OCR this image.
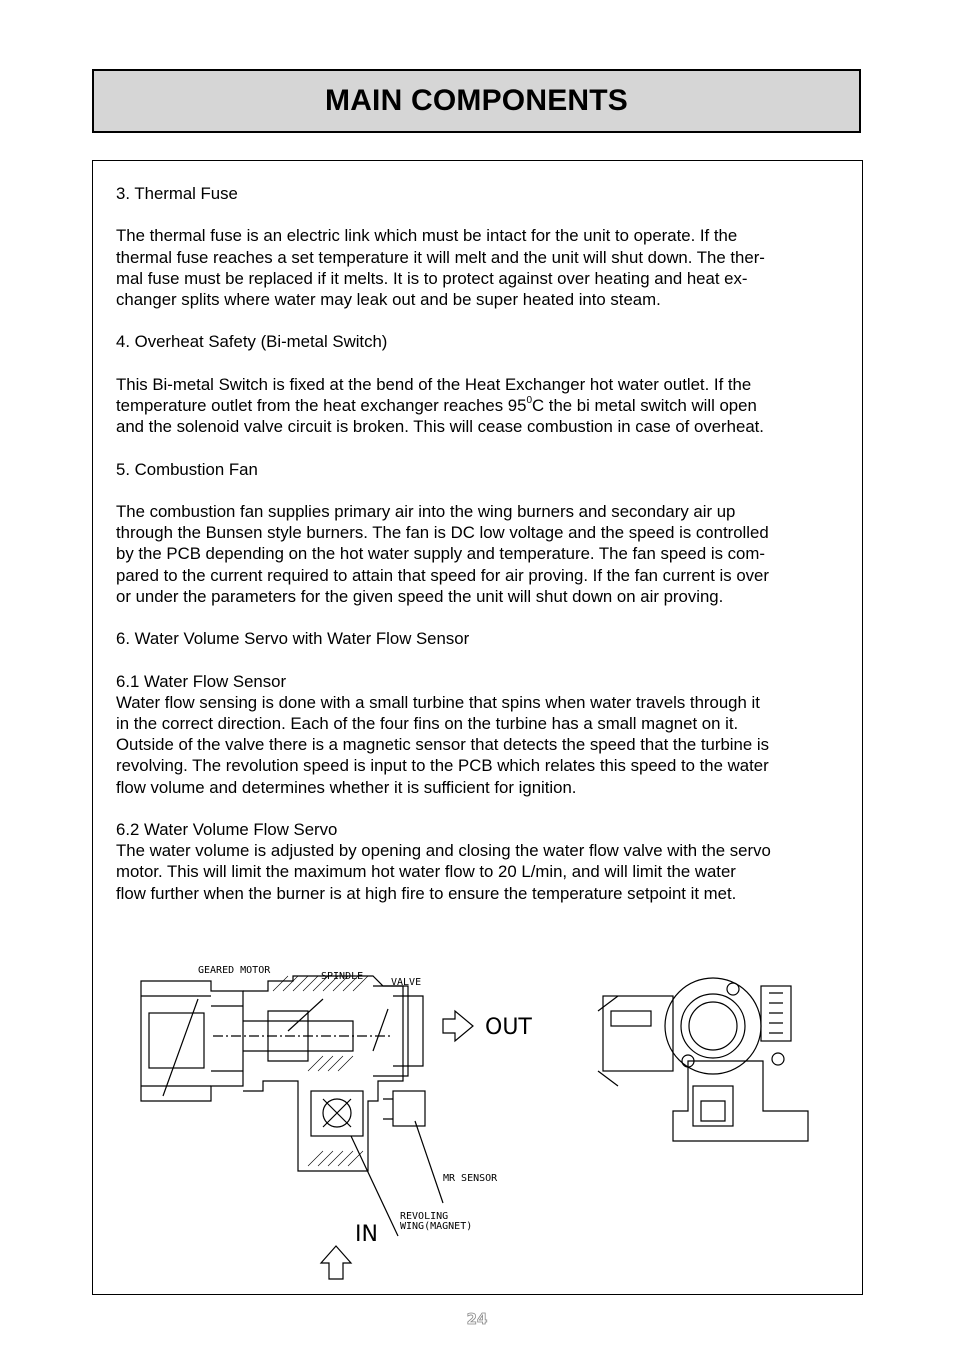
MAIN COMPONENTS

3. Thermal Fuse

The thermal fuse is an electric link which must be intact for the unit to operate. If the

thermal fuse reaches a set temperature it will melt and the unit will shut down. The ther-

mal fuse must be replaced if it melts. It is to protect against over heating and heat ex-

changer splits where water may leak out and be super heated into steam.

4. Overheat Safety (Bi-metal Switch)

This Bi-metal Switch is fixed at the bend of the Heat Exchanger hot water outlet. If the

temperature outlet from the heat exchanger reaches $95^0C$ the bi metal switch will open

and the solenoid valve circuit is broken. This will cease combustion in case of overheat.

5. Combustion Fan

The combustion fan supplies primary air into the wing burners and secondary air up

through the Bunsen style burners. The fan is DC low voltage and the speed is controlled

by the PCB depending on the hot water supply and temperature. The fan speed is com-

pared to the current required to attain that speed for air proving. If the fan current is over

or under the parameters for the given speed the unit will shut down on air proving.

6. Water Volume Servo with Water Flow Sensor

6.1 Water Flow Sensor

Water flow sensing is done with a small turbine that spins when water travels through it

in the correct direction. Each of the four fins on the turbine has a small magnet on it.

Outside of the valve there is a magnetic sensor that detects the speed that the turbine is

revolving. The revolution speed is input to the PCB which relates this speed to the water

flow volume and determines whether it is sufficient for ignition.

6.2 Water Volume Flow Servo

The water volume is adjusted by opening and closing the water flow valve with the servo

motor. This will limit the maximum hot water flow to 20 L/min, and will limit the water

flow further when the burner is at high fire to ensure the temperature setpoint it met.

GEARED MOTOR
SPINDLE
VALVE
MR SENSOR
REVOLING
WING(MAGNET)
OUT
IN
24
